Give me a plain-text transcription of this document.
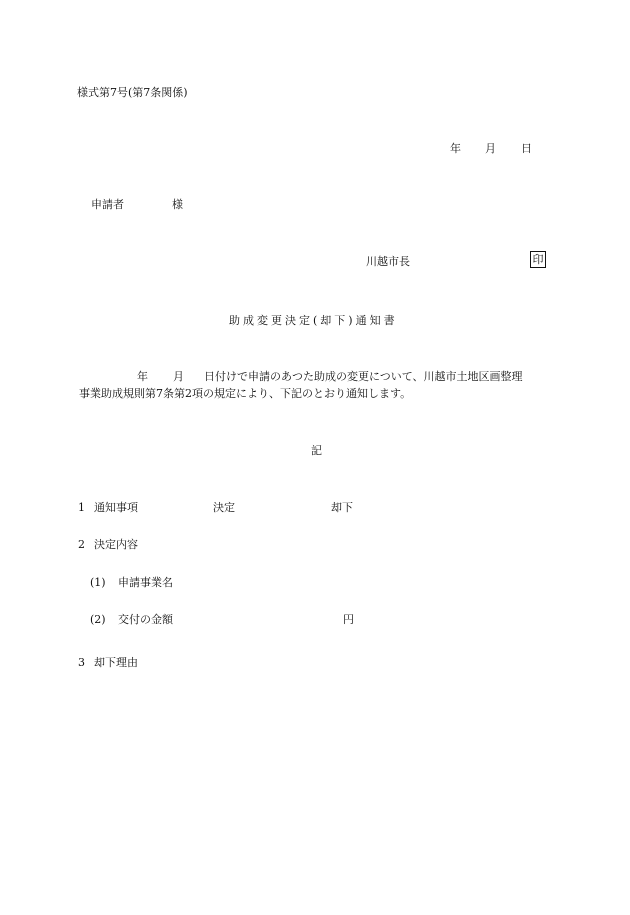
様式第7号(第7条関係)
年 月 日
申請者	様
川越市長	印
助成変更決定(却下)通知書
年 月 日付けで申請のあつた助成の変更について、川越市土地区画整理
事業助成規則第7条第2項の規定により、下記のとおり通知します。
記
1 通知事項	決定	却下
2 決定内容
(1) 申請事業名
(2) 交付の金額	円
3 却下理由
